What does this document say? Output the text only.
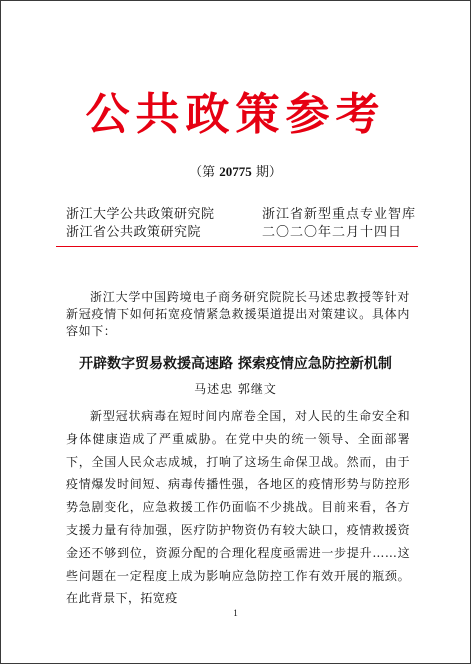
公共政策参考
（第 20775 期）
浙江大学公共政策研究院
浙江省公共政策研究院
浙江省新型重点专业智库
二〇二〇年二月十四日
浙江大学中国跨境电子商务研究院院长马述忠教授等针对新冠疫情下如何拓宽疫情紧急救援渠道提出对策建议。具体内容如下：
开辟数字贸易救援高速路 探索疫情应急防控新机制
马述忠 郭继文
新型冠状病毒在短时间内席卷全国，对人民的生命安全和身体健康造成了严重威胁。在党中央的统一领导、全面部署下，全国人民众志成城，打响了这场生命保卫战。然而，由于疫情爆发时间短、病毒传播性强，各地区的疫情形势与防控形势急剧变化，应急救援工作仍面临不少挑战。目前来看，各方支援力量有待加强，医疗防护物资仍有较大缺口，疫情救援资金还不够到位，资源分配的合理化程度亟需进一步提升……这些问题在一定程度上成为影响应急防控工作有效开展的瓶颈。在此背景下，拓宽疫
1
